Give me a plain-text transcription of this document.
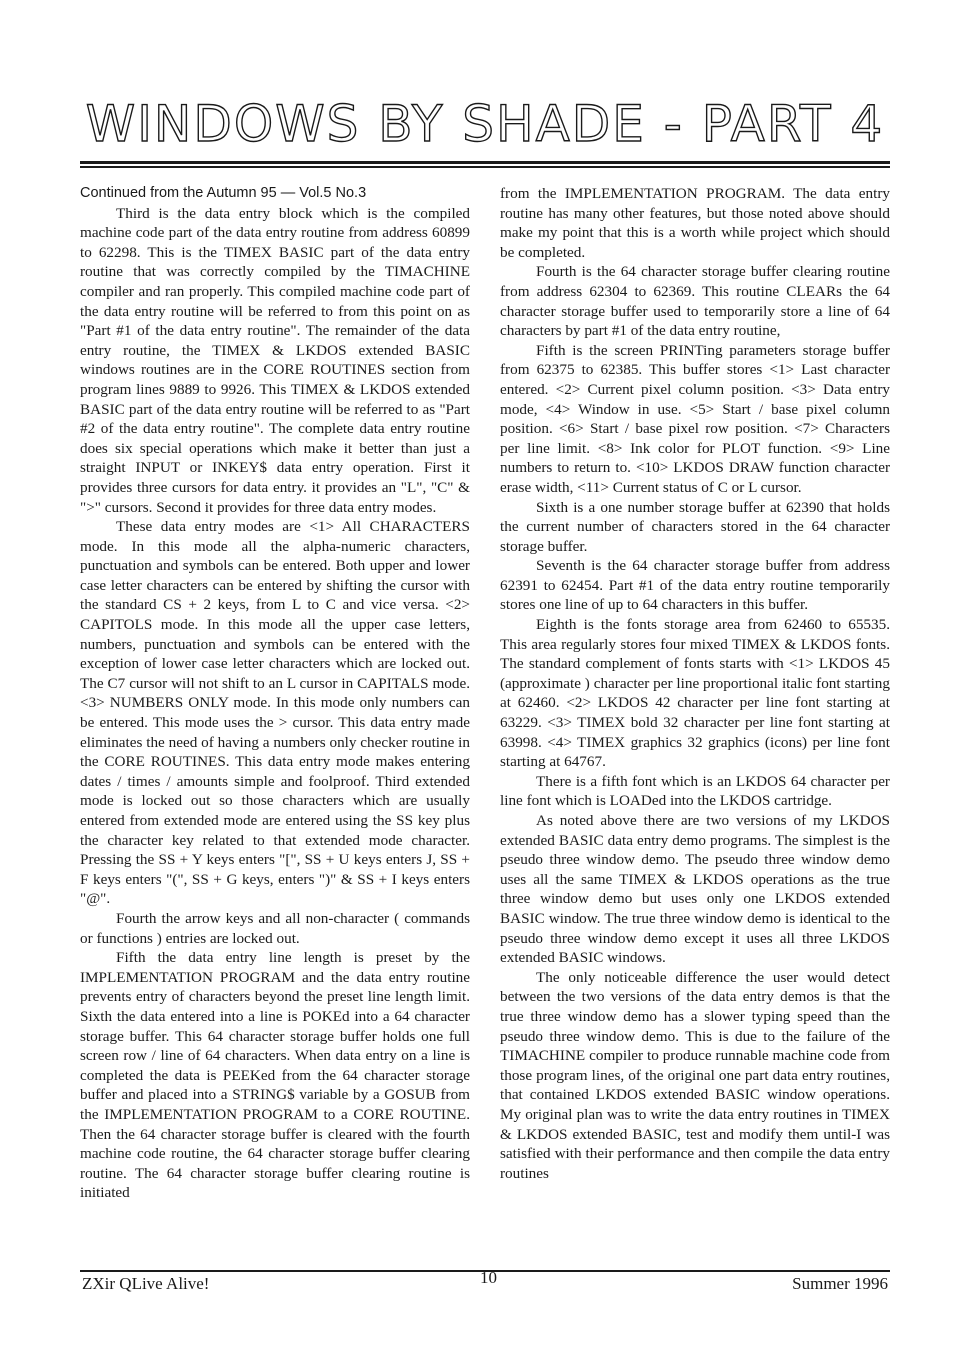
WINDOWS BY SHADE - PART 4

Continued from the Autumn 95 — Vol.5 No.3

Third is the data entry block which is the compiled machine code part of the data entry routine from address 60899 to 62298. This is the TIMEX BASIC part of the data entry routine that was correctly compiled by the TIMACHINE compiler and ran properly. This compiled machine code part of the data entry routine will be referred to from this point on as "Part #1 of the data entry routine". The remainder of the data entry routine, the TIMEX & LKDOS extended BASIC windows routines are in the CORE ROUTINES section from program lines 9889 to 9926. This TIMEX & LKDOS extended BASIC part of the data entry routine will be referred to as "Part #2 of the data entry routine". The complete data entry routine does six special operations which make it better than just a straight INPUT or INKEY$ data entry operation. First it provides three cursors for data entry. it provides an "L", "C" & ">" cursors. Second it provides for three data entry modes.

These data entry modes are <1> All CHARACTERS mode. In this mode all the alpha-numeric characters, punctuation and symbols can be entered. Both upper and lower case letter characters can be entered by shifting the cursor with the standard CS + 2 keys, from L to C and vice versa. <2> CAPITOLS mode. In this mode all the upper case letters, numbers, punctuation and symbols can be entered with the exception of lower case letter characters which are locked out. The C7 cursor will not shift to an L cursor in CAPITALS mode. <3> NUMBERS ONLY mode. In this mode only numbers can be entered. This mode uses the > cursor. This data entry made eliminates the need of having a numbers only checker routine in the CORE ROUTINES. This data entry mode makes entering dates / times / amounts simple and foolproof. Third extended mode is locked out so those characters which are usually entered from extended mode are entered using the SS key plus the character key related to that extended mode character. Pressing the SS + Y keys enters "[", SS + U keys enters J, SS + F keys enters "(", SS + G keys, enters ")" & SS + I keys enters "@".

Fourth the arrow keys and all non-character ( commands or functions ) entries are locked out.

Fifth the data entry line length is preset by the IMPLEMENTATION PROGRAM and the data entry routine prevents entry of characters beyond the preset line length limit. Sixth the data entered into a line is POKEd into a 64 character storage buffer. This 64 character storage buffer holds one full screen row / line of 64 characters. When data entry on a line is completed the data is PEEKed from the 64 character storage buffer and placed into a STRING$ variable by a GOSUB from the IMPLEMENTATION PROGRAM to a CORE ROUTINE. Then the 64 character storage buffer is cleared with the fourth machine code routine, the 64 character storage buffer clearing routine. The 64 character storage buffer clearing routine is initiated

from the IMPLEMENTATION PROGRAM. The data entry routine has many other features, but those noted above should make my point that this is a worth while project which should be completed.

Fourth is the 64 character storage buffer clearing routine from address 62304 to 62369. This routine CLEARs the 64 character storage buffer used to temporarily store a line of 64 characters by part #1 of the data entry routine,

Fifth is the screen PRINTing parameters storage buffer from 62375 to 62385. This buffer stores <1> Last character entered. <2> Current pixel column position. <3> Data entry mode, <4> Window in use. <5> Start / base pixel column position. <6> Start / base pixel row position. <7> Characters per line limit. <8> Ink color for PLOT function. <9> Line numbers to return to. <10> LKDOS DRAW function character erase width, <11> Current status of C or L cursor.

Sixth is a one number storage buffer at 62390 that holds the current number of characters stored in the 64 character storage buffer.

Seventh is the 64 character storage buffer from address 62391 to 62454. Part #1 of the data entry routine temporarily stores one line of up to 64 characters in this buffer.

Eighth is the fonts storage area from 62460 to 65535. This area regularly stores four mixed TIMEX & LKDOS fonts. The standard complement of fonts starts with <1> LKDOS 45 (approximate ) character per line proportional italic font starting at 62460. <2> LKDOS 42 character per line font starting at 63229. <3> TIMEX bold 32 character per line font starting at 63998. <4> TIMEX graphics 32 graphics (icons) per line font starting at 64767.

There is a fifth font which is an LKDOS 64 character per line font which is LOADed into the LKDOS cartridge.

As noted above there are two versions of my LKDOS extended BASIC data entry demo programs. The simplest is the pseudo three window demo. The pseudo three window demo uses all the same TIMEX & LKDOS operations as the true three window demo but uses only one LKDOS extended BASIC window. The true three window demo is identical to the pseudo three window demo except it uses all three LKDOS extended BASIC windows.

The only noticeable difference the user would detect between the two versions of the data entry demos is that the true three window demo has a slower typing speed than the pseudo three window demo. This is due to the failure of the TIMACHINE compiler to produce runnable machine code from those program lines, of the original one part data entry routines, that contained LKDOS extended BASIC window operations. My original plan was to write the data entry routines in TIMEX & LKDOS extended BASIC, test and modify them until-I was satisfied with their performance and then compile the data entry routines

ZXir QLive Alive!	10	Summer 1996
